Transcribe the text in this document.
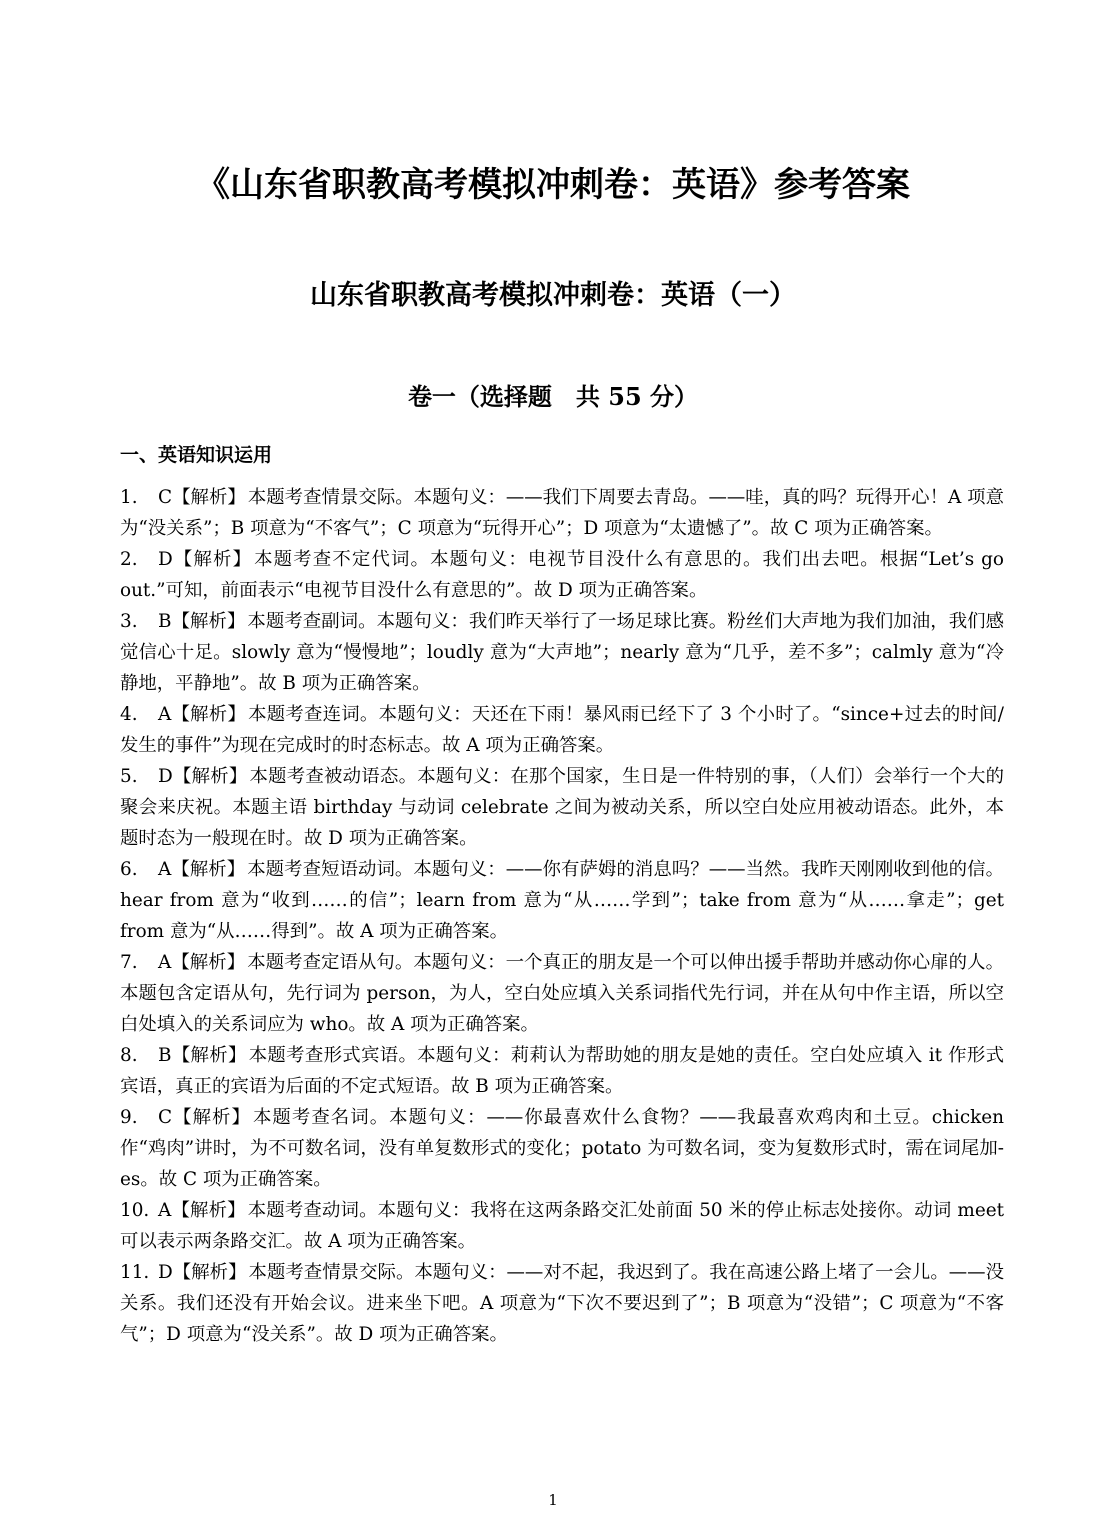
《山东省职教高考模拟冲刺卷：英语》参考答案
山东省职教高考模拟冲刺卷：英语（一）
卷一（选择题　共 55 分）
一、英语知识运用
1. C【解析】 本题考查情景交际。本题句义：——我们下周要去青岛。——哇，真的吗？玩得开心！A 项意为“没关系”；B 项意为“不客气”；C 项意为“玩得开心”；D 项意为“太遗憾了”。故 C 项为正确答案。
2. D【解析】 本题考查不定代词。本题句义：电视节目没什么有意思的。我们出去吧。根据“Let’s go out.”可知，前面表示“电视节目没什么有意思的”。故 D 项为正确答案。
3. B【解析】 本题考查副词。本题句义：我们昨天举行了一场足球比赛。粉丝们大声地为我们加油，我们感觉信心十足。slowly 意为“慢慢地”；loudly 意为“大声地”；nearly 意为“几乎，差不多”；calmly 意为“冷静地，平静地”。故 B 项为正确答案。
4. A【解析】 本题考查连词。本题句义：天还在下雨！暴风雨已经下了 3 个小时了。“since+过去的时间/发生的事件”为现在完成时的时态标志。故 A 项为正确答案。
5. D【解析】 本题考查被动语态。本题句义：在那个国家，生日是一件特别的事，（人们）会举行一个大的聚会来庆祝。本题主语 birthday 与动词 celebrate 之间为被动关系，所以空白处应用被动语态。此外，本题时态为一般现在时。故 D 项为正确答案。
6. A【解析】 本题考查短语动词。本题句义：——你有萨姆的消息吗？——当然。我昨天刚刚收到他的信。hear from 意为“收到……的信”；learn from 意为“从……学到”；take from 意为“从……拿走”；get from 意为“从……得到”。故 A 项为正确答案。
7. A【解析】 本题考查定语从句。本题句义：一个真正的朋友是一个可以伸出援手帮助并感动你心扉的人。本题包含定语从句，先行词为 person，为人，空白处应填入关系词指代先行词，并在从句中作主语，所以空白处填入的关系词应为 who。故 A 项为正确答案。
8. B【解析】 本题考查形式宾语。本题句义：莉莉认为帮助她的朋友是她的责任。空白处应填入 it 作形式宾语，真正的宾语为后面的不定式短语。故 B 项为正确答案。
9. C【解析】 本题考查名词。本题句义：——你最喜欢什么食物？——我最喜欢鸡肉和土豆。chicken 作“鸡肉”讲时，为不可数名词，没有单复数形式的变化；potato 为可数名词，变为复数形式时，需在词尾加-es。故 C 项为正确答案。
10. A【解析】 本题考查动词。本题句义：我将在这两条路交汇处前面 50 米的停止标志处接你。动词 meet 可以表示两条路交汇。故 A 项为正确答案。
11. D【解析】 本题考查情景交际。本题句义：——对不起，我迟到了。我在高速公路上堵了一会儿。——没关系。我们还没有开始会议。进来坐下吧。A 项意为“下次不要迟到了”；B 项意为“没错”；C 项意为“不客气”；D 项意为“没关系”。故 D 项为正确答案。
1
